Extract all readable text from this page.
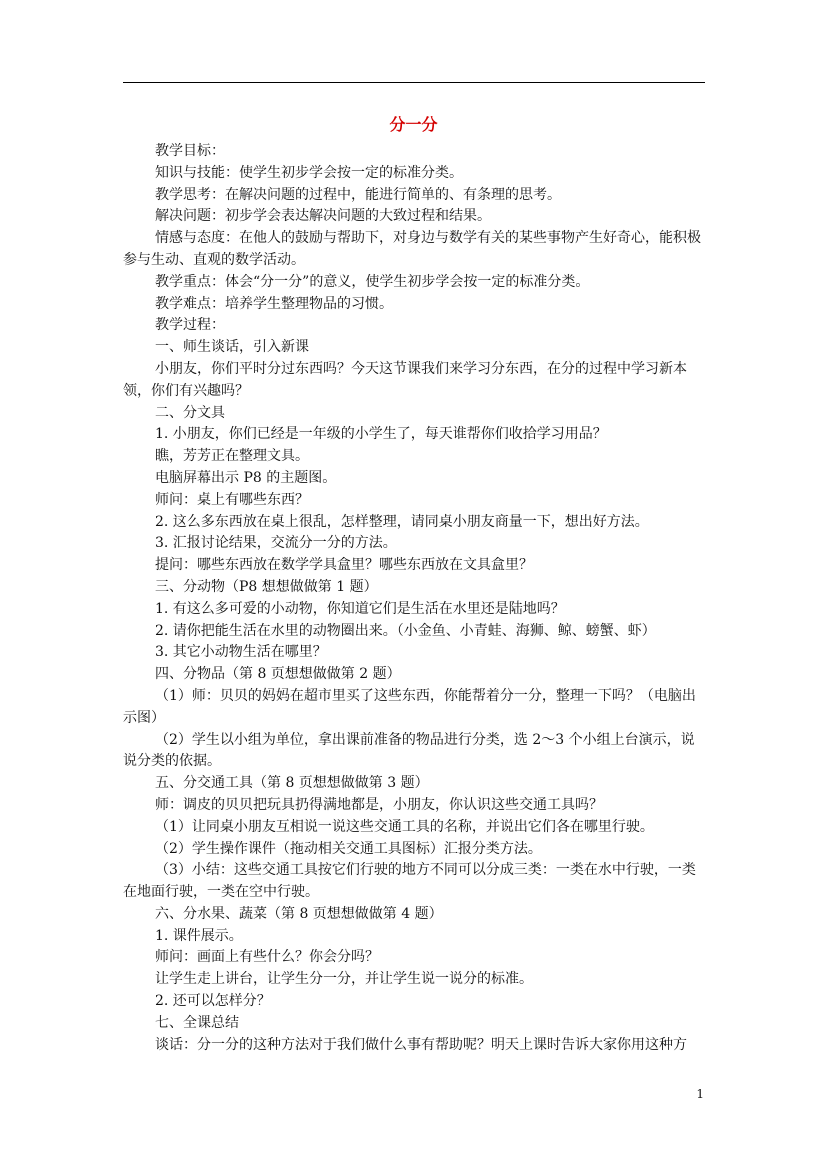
分一分

教学目标：

知识与技能：使学生初步学会按一定的标准分类。

教学思考：在解决问题的过程中，能进行简单的、有条理的思考。

解决问题：初步学会表达解决问题的大致过程和结果。

情感与态度：在他人的鼓励与帮助下，对身边与数学有关的某些事物产生好奇心，能积极参与生动、直观的数学活动。

教学重点：体会“分一分”的意义，使学生初步学会按一定的标准分类。

教学难点：培养学生整理物品的习惯。

教学过程：

一、师生谈话，引入新课

小朋友，你们平时分过东西吗？今天这节课我们来学习分东西，在分的过程中学习新本领，你们有兴趣吗？

二、分文具

1. 小朋友，你们已经是一年级的小学生了，每天谁帮你们收拾学习用品？

瞧，芳芳正在整理文具。

电脑屏幕出示 P8 的主题图。

师问：桌上有哪些东西？

2. 这么多东西放在桌上很乱，怎样整理，请同桌小朋友商量一下，想出好方法。

3. 汇报讨论结果，交流分一分的方法。

提问：哪些东西放在数学学具盒里？哪些东西放在文具盒里？

三、分动物（P8 想想做做第 1 题）

1. 有这么多可爱的小动物，你知道它们是生活在水里还是陆地吗？

2. 请你把能生活在水里的动物圈出来。（小金鱼、小青蛙、海狮、鲸、螃蟹、虾）

3. 其它小动物生活在哪里？

四、分物品（第 8 页想想做做第 2 题）

（1）师：贝贝的妈妈在超市里买了这些东西，你能帮着分一分，整理一下吗？（电脑出示图）

（2）学生以小组为单位，拿出课前准备的物品进行分类，选 2～3 个小组上台演示，说说分类的依据。

五、分交通工具（第 8 页想想做做第 3 题）

师：调皮的贝贝把玩具扔得满地都是，小朋友，你认识这些交通工具吗？

（1）让同桌小朋友互相说一说这些交通工具的名称，并说出它们各在哪里行驶。

（2）学生操作课件（拖动相关交通工具图标）汇报分类方法。

（3）小结：这些交通工具按它们行驶的地方不同可以分成三类：一类在水中行驶，一类在地面行驶，一类在空中行驶。

六、分水果、蔬菜（第 8 页想想做做第 4 题）

1. 课件展示。

师问：画面上有些什么？你会分吗？

让学生走上讲台，让学生分一分，并让学生说一说分的标准。

2. 还可以怎样分？

七、全课总结

谈话：分一分的这种方法对于我们做什么事有帮助呢？明天上课时告诉大家你用这种方

1
